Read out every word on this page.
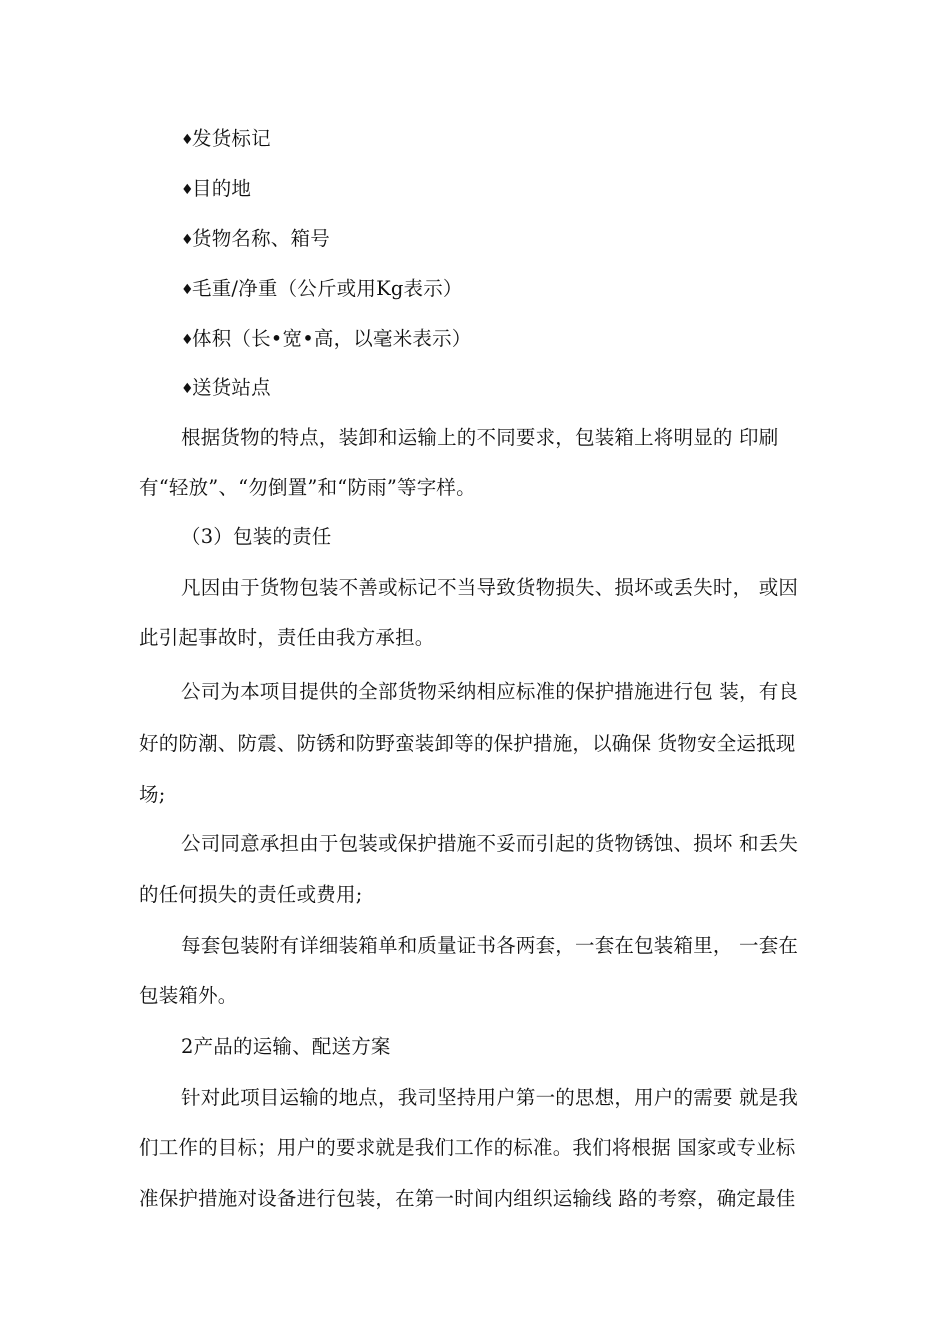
♦发货标记
♦目的地
♦货物名称、箱号
♦毛重/净重（公斤或用Kg表示）
♦体积（长•宽•高，以毫米表示）
♦送货站点
根据货物的特点，装卸和运输上的不同要求，包装箱上将明显的 印刷
有“轻放”、“勿倒置”和“防雨”等字样。
（3）包装的责任
凡因由于货物包装不善或标记不当导致货物损失、损坏或丢失时， 或因
此引起事故时，责任由我方承担。
公司为本项目提供的全部货物采纳相应标准的保护措施进行包 装，有良
好的防潮、防震、防锈和防野蛮装卸等的保护措施，以确保 货物安全运抵现
场;
公司同意承担由于包装或保护措施不妥而引起的货物锈蚀、损坏 和丢失
的任何损失的责任或费用;
每套包装附有详细装箱单和质量证书各两套，一套在包装箱里， 一套在
包装箱外。
2产品的运输、配送方案
针对此项目运输的地点，我司坚持用户第一的思想，用户的需要 就是我
们工作的目标；用户的要求就是我们工作的标准。我们将根据 国家或专业标
准保护措施对设备进行包装，在第一时间内组织运输线 路的考察，确定最佳
